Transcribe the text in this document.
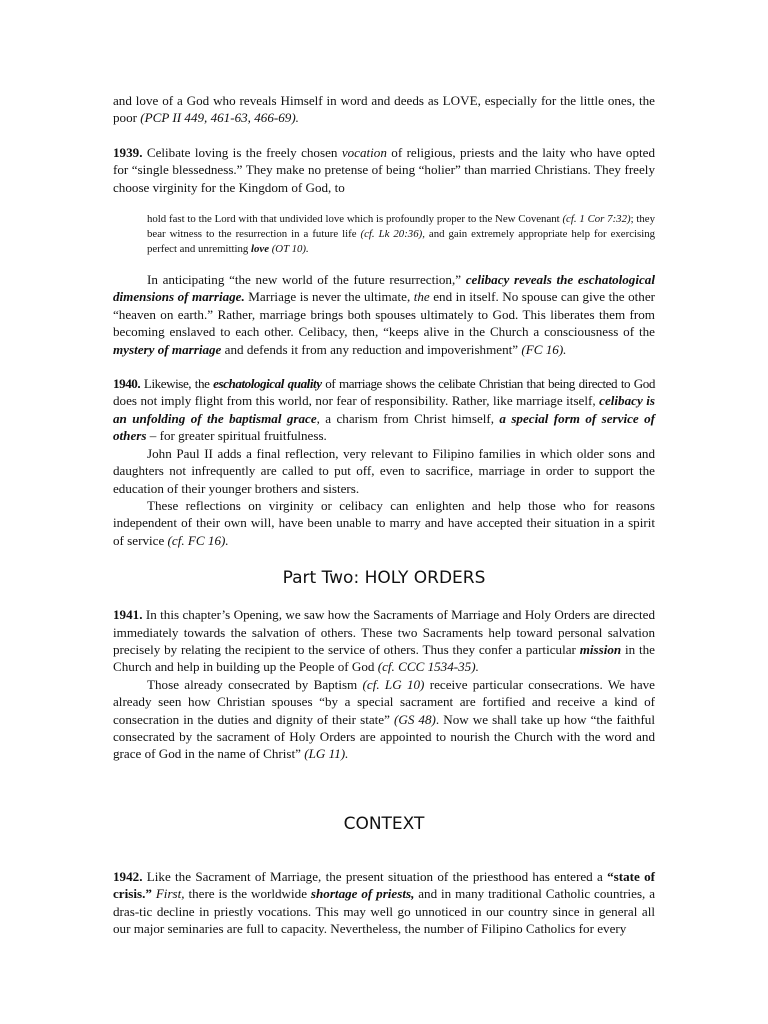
and love of a God who reveals Himself in word and deeds as LOVE, especially for the little ones, the poor (PCP II 449, 461-63, 466-69).

1939. Celibate loving is the freely chosen vocation of religious, priests and the laity who have opted for “single blessedness.” They make no pretense of being “holier” than married Christians. They freely choose virginity for the Kingdom of God, to

hold fast to the Lord with that undivided love which is profoundly proper to the New Covenant (cf. 1 Cor 7:32); they bear witness to the resurrection in a future life (cf. Lk 20:36), and gain extremely appropriate help for exercising perfect and unremitting love (OT 10).

In anticipating “the new world of the future resurrection,” celibacy reveals the eschatological dimensions of marriage. Marriage is never the ultimate, the end in itself. No spouse can give the other “heaven on earth.” Rather, marriage brings both spouses ultimately to God. This liberates them from becoming enslaved to each other. Celibacy, then, “keeps alive in the Church a consciousness of the mystery of marriage and defends it from any reduction and impoverishment” (FC 16).

1940. Likewise, the eschatological quality of marriage shows the celibate Christian that being directed to God does not imply flight from this world, nor fear of responsibility. Rather, like marriage itself, celibacy is an unfolding of the baptismal grace, a charism from Christ himself, a special form of service of others – for greater spiritual fruitfulness.

John Paul II adds a final reflection, very relevant to Filipino families in which older sons and daughters not infrequently are called to put off, even to sacrifice, marriage in order to support the education of their younger brothers and sisters.

These reflections on virginity or celibacy can enlighten and help those who for reasons independent of their own will, have been unable to marry and have accepted their situation in a spirit of service (cf. FC 16).

Part Two: HOLY ORDERS

1941. In this chapter’s Opening, we saw how the Sacraments of Marriage and Holy Orders are directed immediately towards the salvation of others. These two Sacraments help toward personal salvation precisely by relating the recipient to the service of others. Thus they confer a particular mission in the Church and help in building up the People of God (cf. CCC 1534-35).

Those already consecrated by Baptism (cf. LG 10) receive particular consecrations. We have already seen how Christian spouses “by a special sacrament are fortified and receive a kind of consecration in the duties and dignity of their state” (GS 48). Now we shall take up how “the faithful consecrated by the sacrament of Holy Orders are appointed to nourish the Church with the word and grace of God in the name of Christ” (LG 11).

CONTEXT

1942. Like the Sacrament of Marriage, the present situation of the priesthood has entered a “state of crisis.” First, there is the worldwide shortage of priests, and in many traditional Catholic countries, a dras-tic decline in priestly vocations. This may well go unnoticed in our country since in general all our major seminaries are full to capacity. Nevertheless, the number of Filipino Catholics for every
